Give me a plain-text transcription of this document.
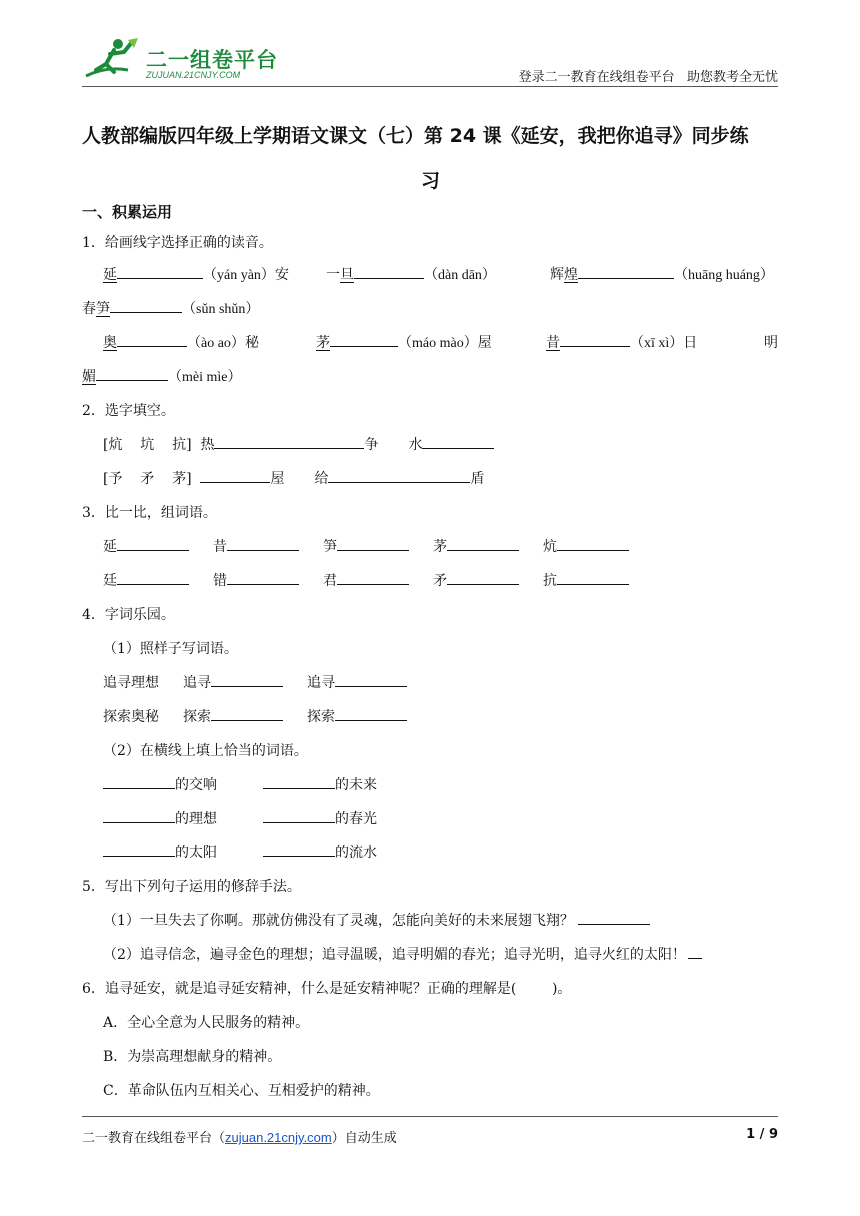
二一组卷平台
ZUJUAN.21CNJY.COM	登录二一教育在线组卷平台   助您教考全无忧
人教部编版四年级上学期语文课文（七）第 24 课《延安，我把你追寻》同步练
习
一、积累运用
1．给画线字选择正确的读音。
延	（yán yàn）安	一旦	（dàn dān）	辉煌	（huāng huáng）
春笋	（sǔn shǔn）
奥	（ào ao）秘	茅	（máo mào）屋	昔	（xī xì）日	明
媚	（mèi mìe）
2．选字填空。
[炕    坑    抗] 热	争 水
[予    矛    茅]	屋 给	盾
3．比一比，组词语。
延	昔	笋	茅	炕
廷	错	君	矛	抗
4．字词乐园。
（1）照样子写词语。
追寻理想 追寻	追寻
探索奥秘 探索	探索
（2）在横线上填上恰当的词语。
的交响	的未来
的理想	的春光
的太阳	的流水
5．写出下列句子运用的修辞手法。
（1）一旦失去了你啊。那就仿佛没有了灵魂，怎能向美好的未来展翅飞翔？
（2）追寻信念，遍寻金色的理想；追寻温暖，追寻明媚的春光；追寻光明，追寻火红的太阳！
6．追寻延安，就是追寻延安精神，什么是延安精神呢？正确的理解是(        )。
A．全心全意为人民服务的精神。
B．为崇高理想献身的精神。
C．革命队伍内互相关心、互相爱护的精神。
二一教育在线组卷平台（zujuan.21cnjy.com）自动生成	1 / 9
